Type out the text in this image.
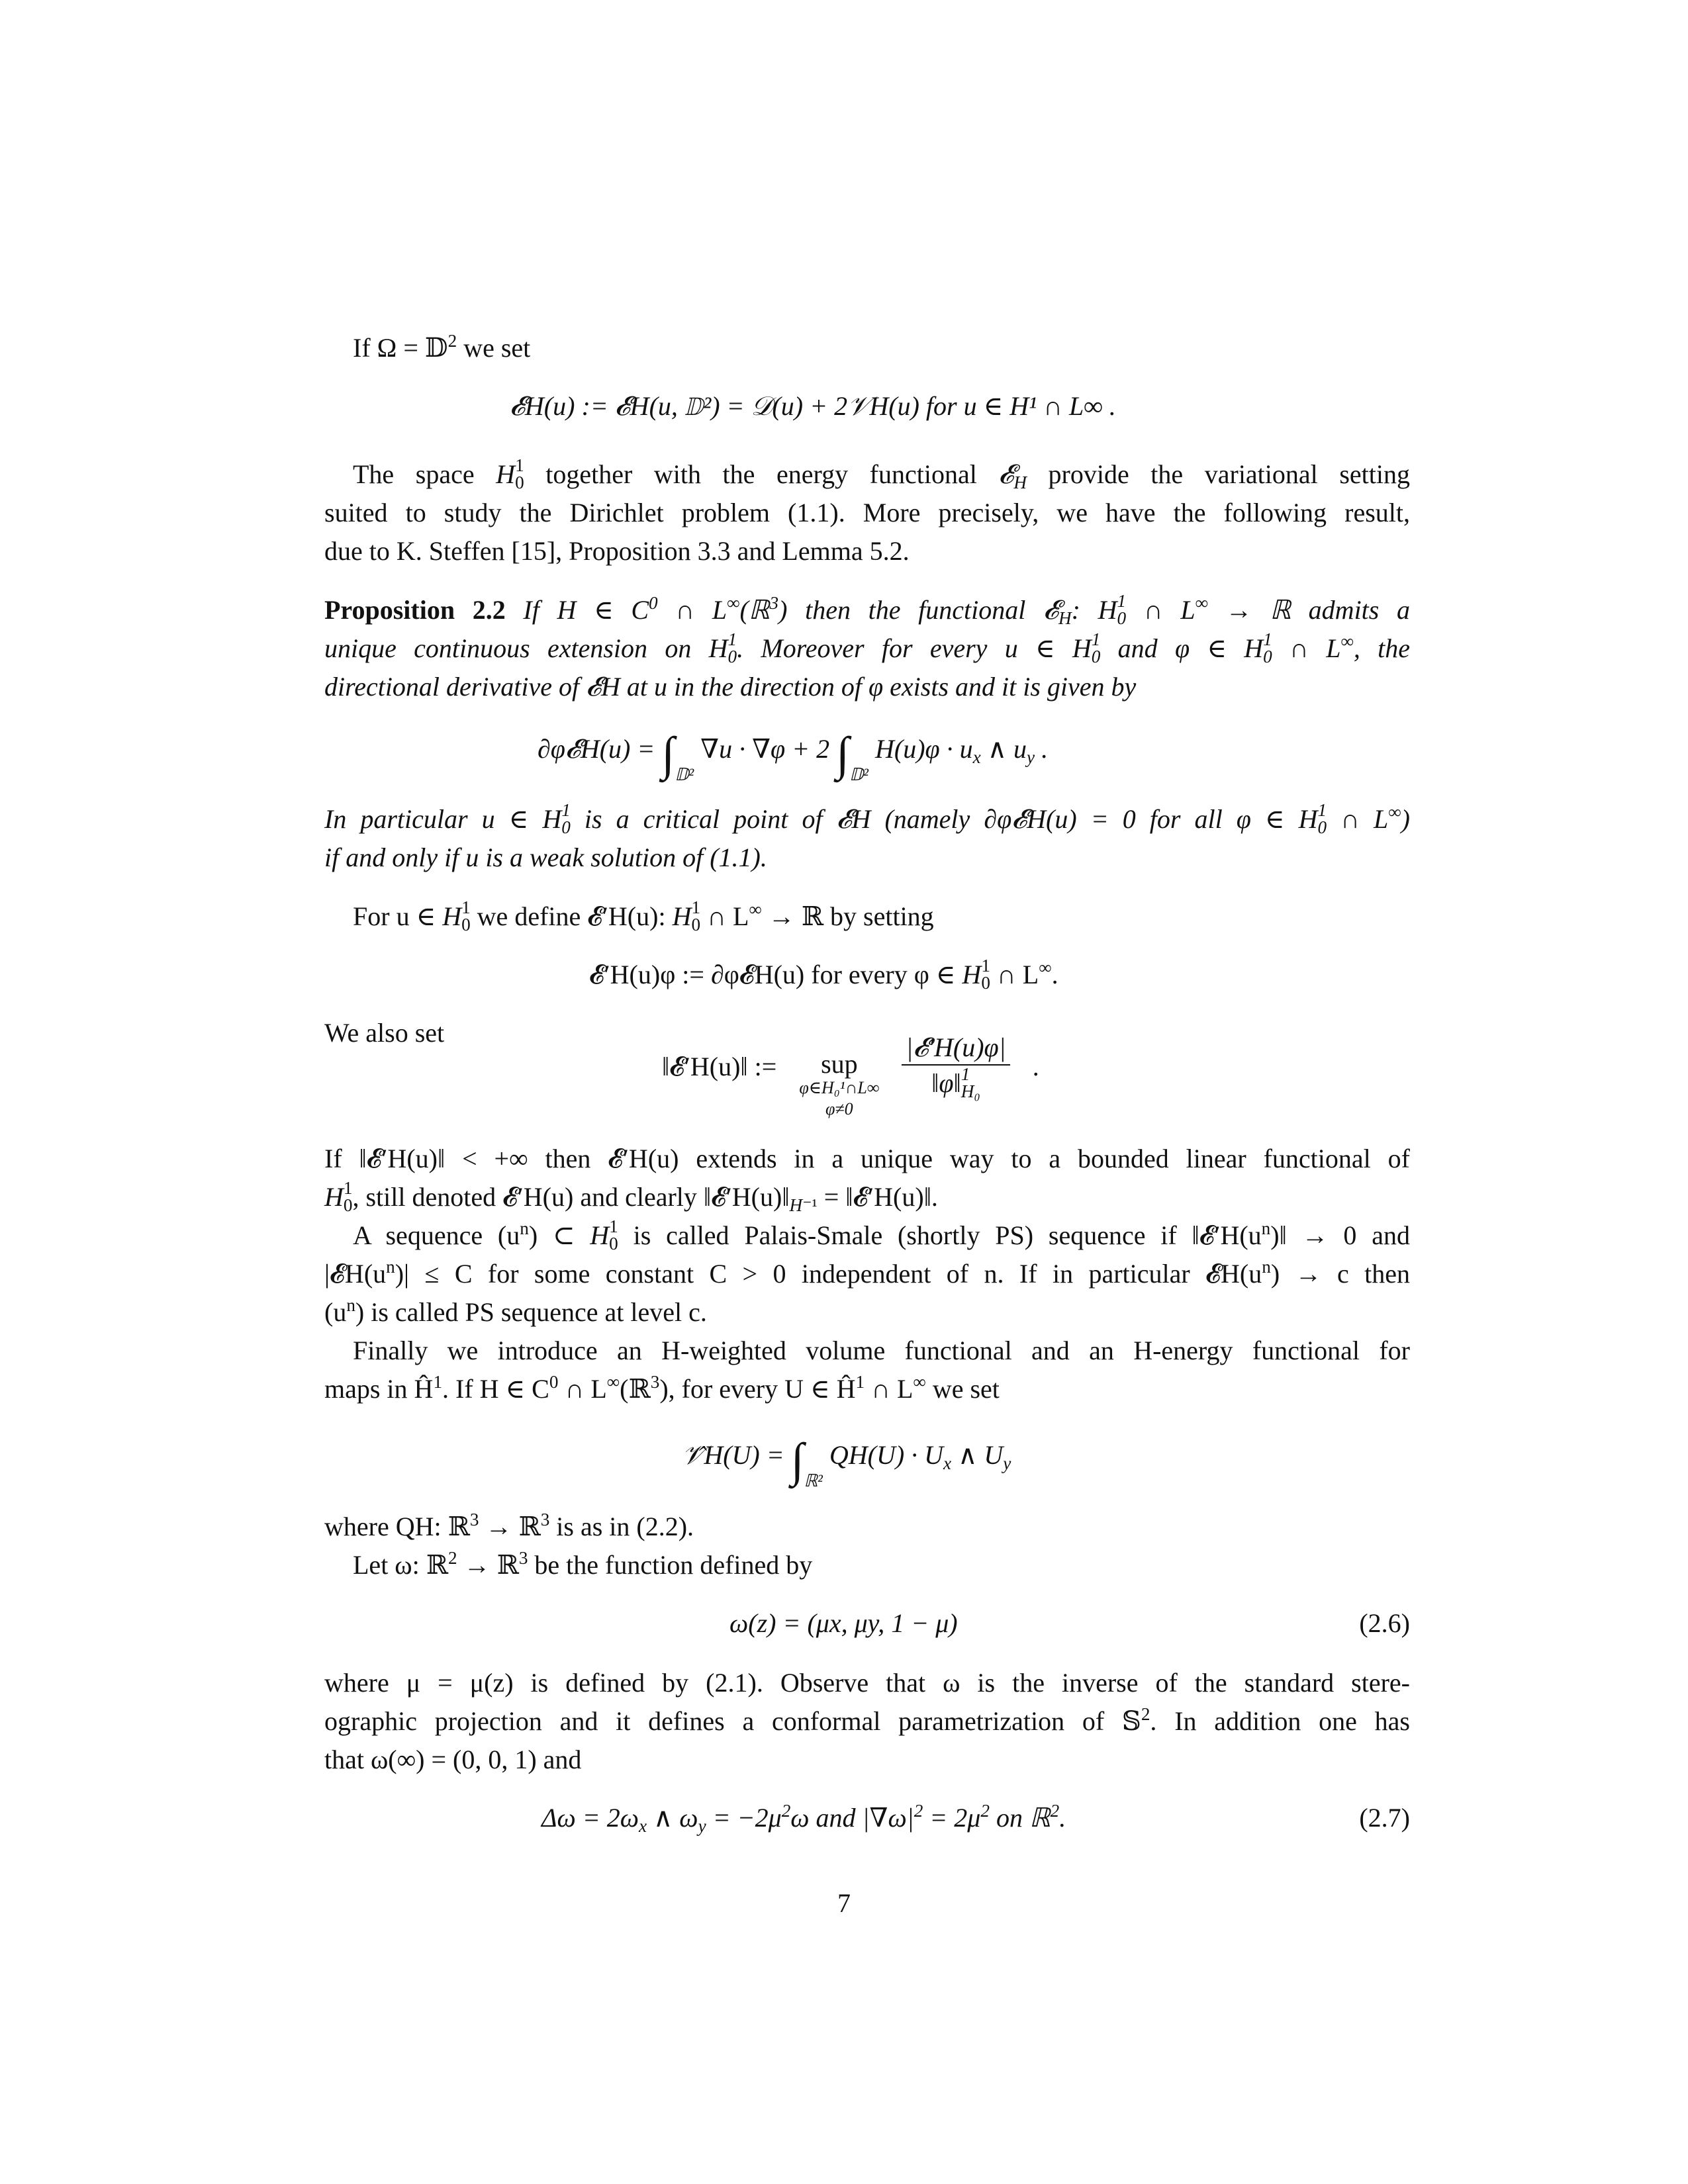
If Ω = 𝔻$^2$ we set
𝓔H(u) := 𝓔H(u, 𝔻²) = 𝒟(u) + 2𝒱H(u) for u ∈ H¹ ∩ L∞ .
The space H 1
0 together with the energy functional 𝓔$_H$ provide the variational setting
suited to study the Dirichlet problem (1.1). More precisely, we have the following result,
due to K. Steffen [15], Proposition 3.3 and Lemma 5.2.
Proposition 2.2 If H ∈ $C^0$ ∩ L∞(ℝ$^3$) then the functional 𝓔$_H$: H 1
0 ∩ L∞ → ℝ admits a
unique continuous extension on H 1
0. Moreover for every u ∈ H 1
0 and φ ∈ H 1
0 ∩ L∞, the
directional derivative of 𝓔H at u in the direction of φ exists and it is given by
∂φ𝓔H(u) = $\int_{𝔻^2}$ ∇u · ∇φ + 2 $\int_{𝔻^2}$ $H(u)\varphi \cdot u_x$ ∧ $u_y$ .
In particular u ∈ H 1
0 is a critical point of 𝓔H (namely ∂φ𝓔H(u) = 0 for all φ ∈ H 1
0 ∩ L∞)
if and only if u is a weak solution of (1.1).
For u ∈ H 1
0 we define 𝓔′H(u): H 1
0 ∩ L∞ → ℝ by setting
𝓔′H(u)φ := ∂φ𝓔H(u) for every φ ∈ H 1
0 ∩ L∞.
We also set
‖𝓔′H(u)‖ := sup
φ∈H₀¹∩L∞
φ≠0

|𝓔′H(u)φ|
‖φ‖ 1
H₀ .
If ‖𝓔′H(u)‖ < +∞ then 𝓔′H(u) extends in a unique way to a bounded linear functional of
H 1
0, still denoted 𝓔′H(u) and clearly $‖𝓔'H(u)‖_{H^{-1}}$ = ‖𝓔′H(u)‖.
A sequence $(u^n)$ ⊂ H 1
0 is called Palais-Smale (shortly PS) sequence if $‖𝓔'H(u^n)‖ \to 0$ and
$|𝓔H(u^n)| \le C$ for some constant C > 0 independent of n. If in particular $𝓔H(u^n) \to c$ then
$(u^n)$ is called PS sequence at level c.
Finally we introduce an H-weighted volume functional and an H-energy functional for
maps in $Ĥ^1$. If H ∈ $C^0$ ∩ L∞(ℝ$^3$), for every U ∈ $Ĥ^1$ ∩ L∞ we set
𝒱̂H(U) = $\int_{ℝ^2}$ $QH(U) \cdot U_x$ ∧ $U_y$
where QH: ℝ$^3$ → ℝ$^3$ is as in (2.2).
Let ω: ℝ$^2$ → ℝ$^3$ be the function defined by
ω(z) = (μx, μy, 1 − μ)	(2.6)
where μ = μ(z) is defined by (2.1). Observe that ω is the inverse of the standard stere-
ographic projection and it defines a conformal parametrization of 𝕊$^2$. In addition one has
that ω(∞) = (0, 0, 1) and
$\Delta\omega = 2\omega_x$ ∧ $\omega_y = -2\mu^2\omega$ and $|\nabla\omega|^2 = 2\mu^2$ on ℝ$^2$.	(2.7)
7
